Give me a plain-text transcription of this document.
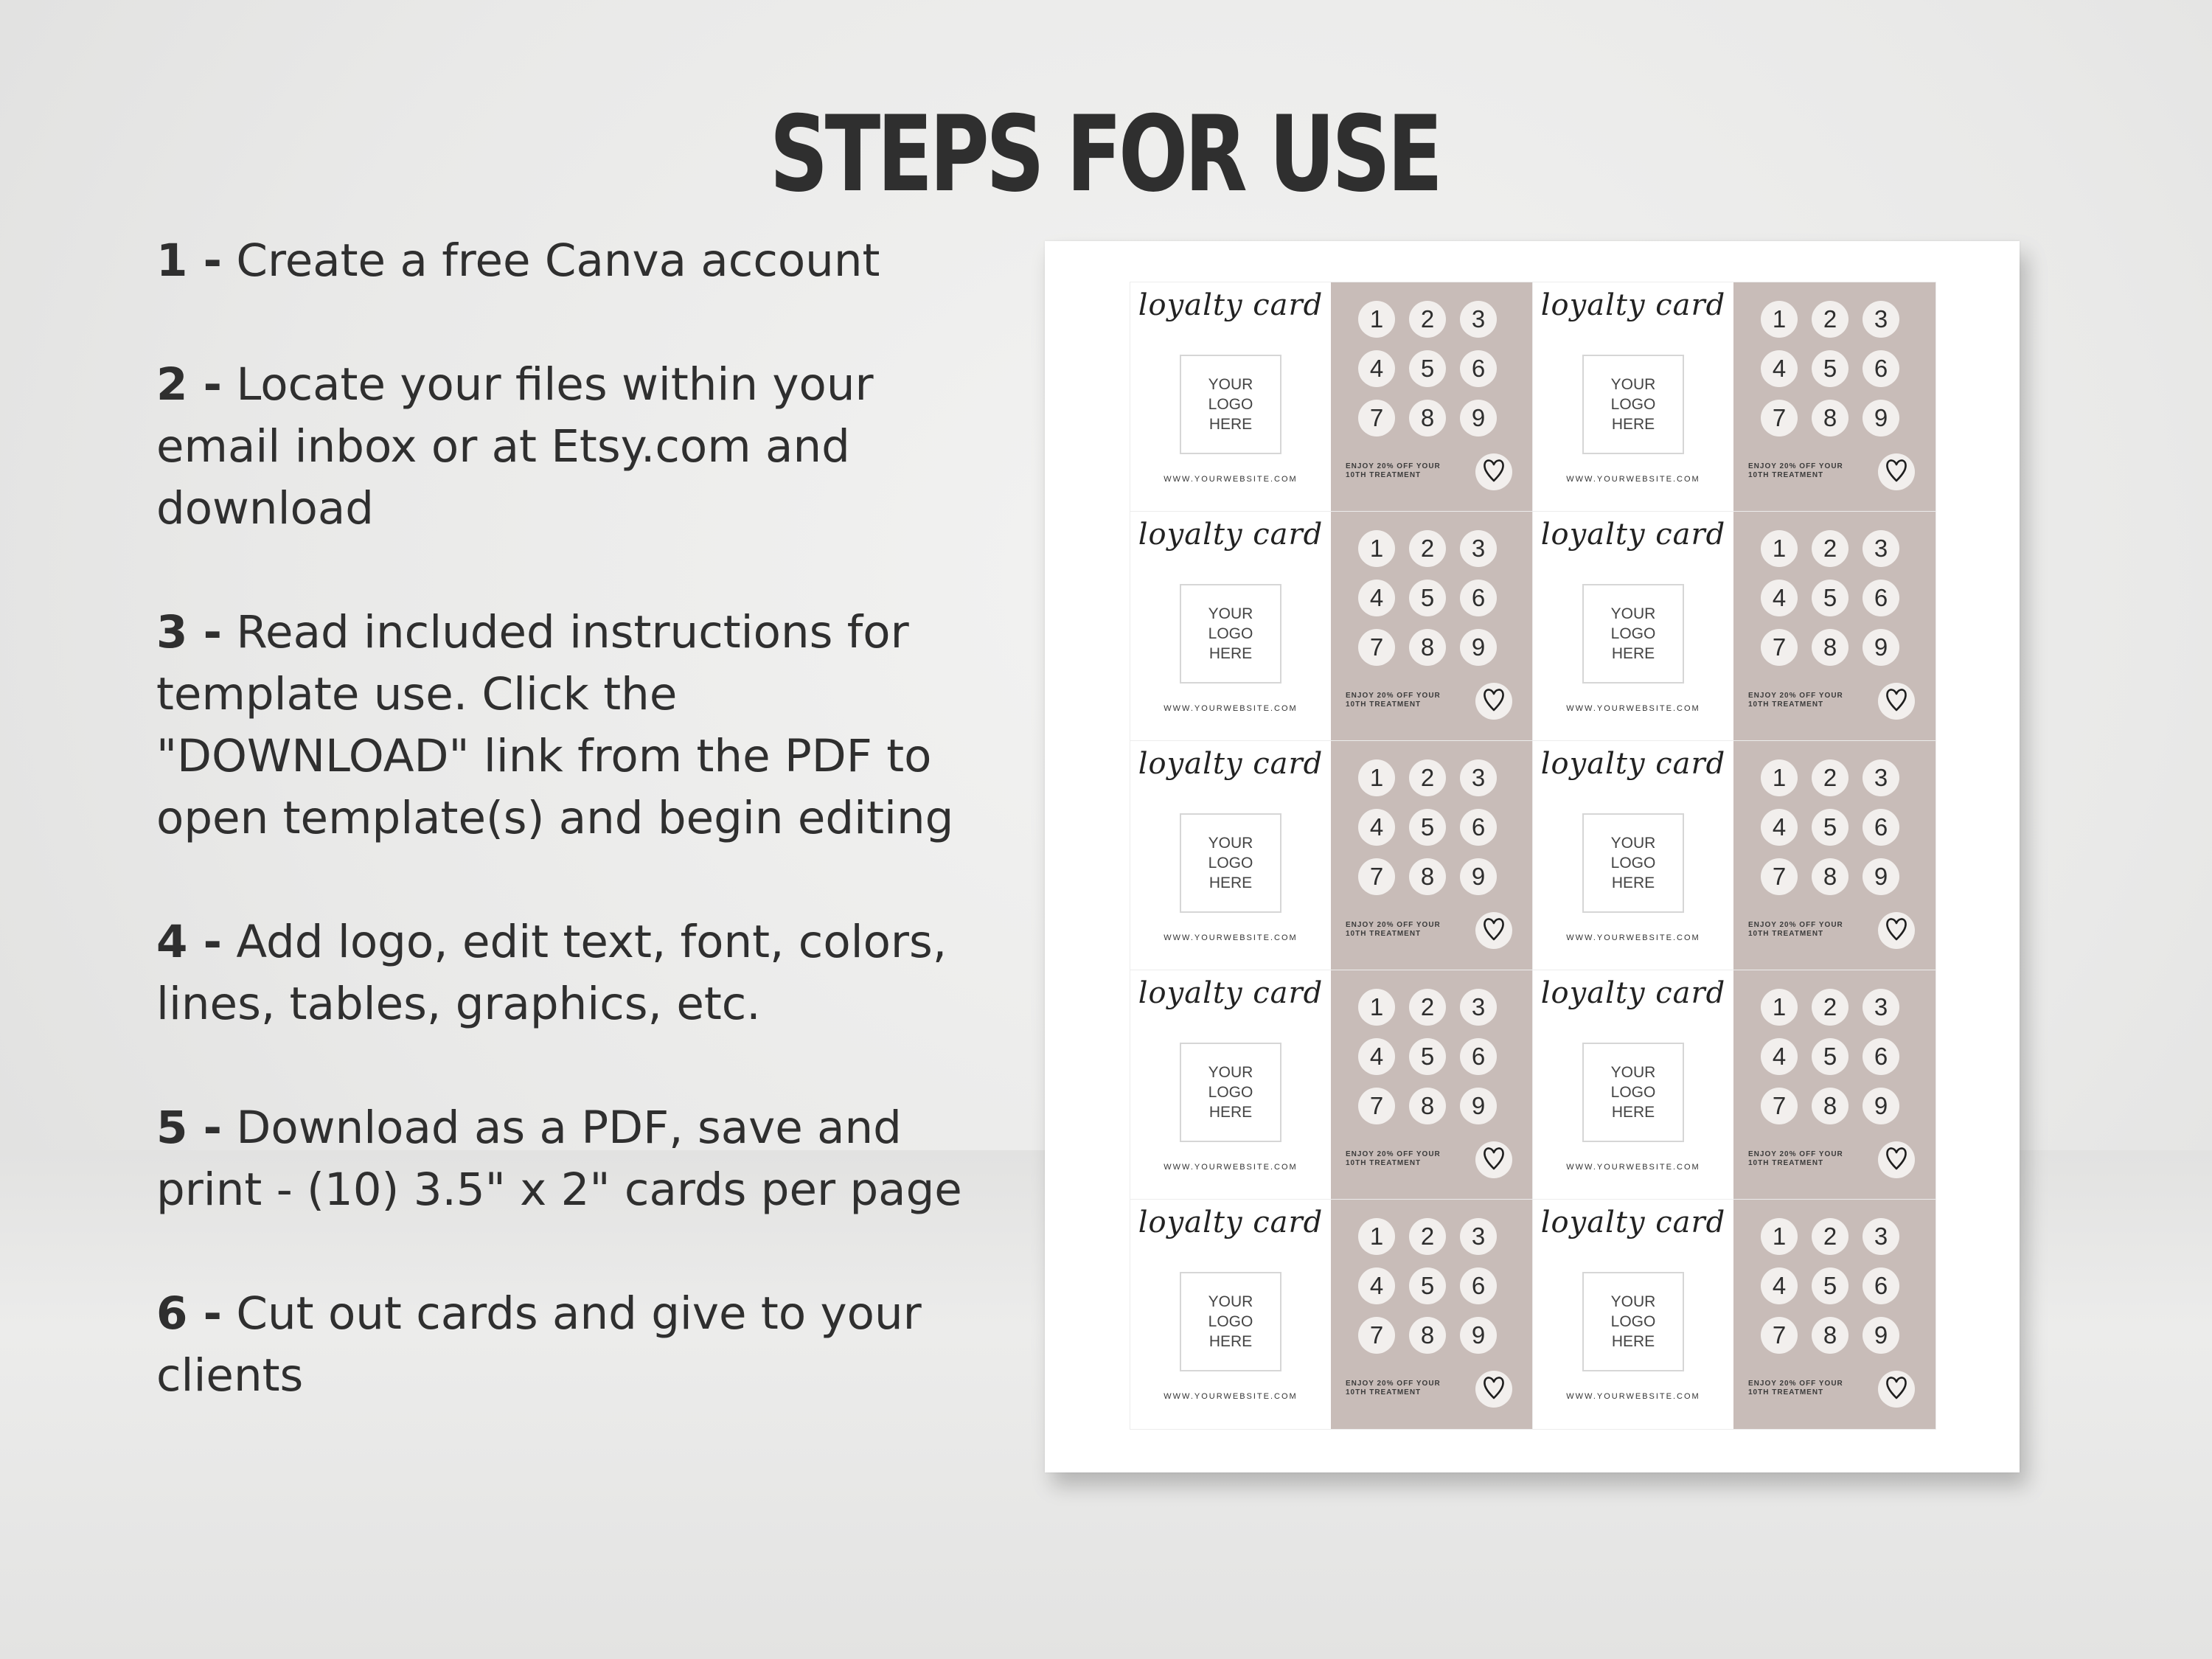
STEPS FOR USE
1 - Create a free Canva account
2 - Locate your files within your email inbox or at Etsy.com and download
3 - Read included instructions for template use. Click the "DOWNLOAD" link from the PDF to open template(s) and begin editing
4 - Add logo, edit text, font, colors, lines, tables, graphics, etc.
5 - Download as a PDF, save and print - (10) 3.5" x 2" cards per page
6 - Cut out cards and give to your clients
loyalty card
YOUR
LOGO
HERE
WWW.YOURWEBSITE.COM
1	2	3
4	5	6
7	8	9
ENJOY 20% OFF YOUR
10TH TREATMENT
loyalty card
YOUR
LOGO
HERE
WWW.YOURWEBSITE.COM
1	2	3
4	5	6
7	8	9
ENJOY 20% OFF YOUR
10TH TREATMENT
loyalty card
YOUR
LOGO
HERE
WWW.YOURWEBSITE.COM
1	2	3
4	5	6
7	8	9
ENJOY 20% OFF YOUR
10TH TREATMENT
loyalty card
YOUR
LOGO
HERE
WWW.YOURWEBSITE.COM
1	2	3
4	5	6
7	8	9
ENJOY 20% OFF YOUR
10TH TREATMENT
loyalty card
YOUR
LOGO
HERE
WWW.YOURWEBSITE.COM
1	2	3
4	5	6
7	8	9
ENJOY 20% OFF YOUR
10TH TREATMENT
loyalty card
YOUR
LOGO
HERE
WWW.YOURWEBSITE.COM
1	2	3
4	5	6
7	8	9
ENJOY 20% OFF YOUR
10TH TREATMENT
loyalty card
YOUR
LOGO
HERE
WWW.YOURWEBSITE.COM
1	2	3
4	5	6
7	8	9
ENJOY 20% OFF YOUR
10TH TREATMENT
loyalty card
YOUR
LOGO
HERE
WWW.YOURWEBSITE.COM
1	2	3
4	5	6
7	8	9
ENJOY 20% OFF YOUR
10TH TREATMENT
loyalty card
YOUR
LOGO
HERE
WWW.YOURWEBSITE.COM
1	2	3
4	5	6
7	8	9
ENJOY 20% OFF YOUR
10TH TREATMENT
loyalty card
YOUR
LOGO
HERE
WWW.YOURWEBSITE.COM
1	2	3
4	5	6
7	8	9
ENJOY 20% OFF YOUR
10TH TREATMENT
